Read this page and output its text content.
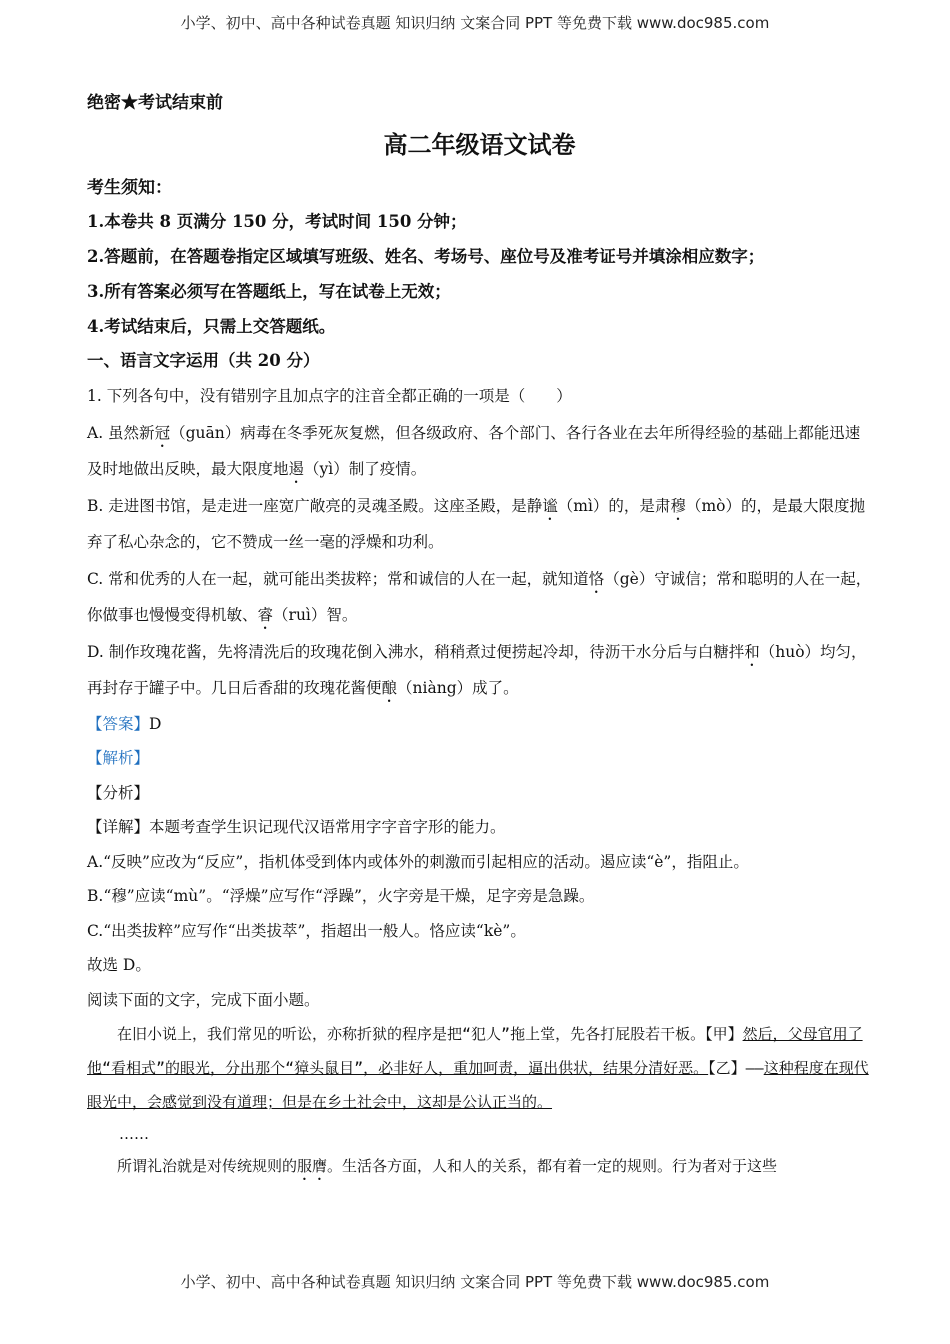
小学、初中、高中各种试卷真题 知识归纳 文案合同 PPT 等免费下载 www.doc985.com
绝密★考试结束前
高二年级语文试卷
考生须知：
1.本卷共 8 页满分 150 分，考试时间 150 分钟；
2.答题前，在答题卷指定区域填写班级、姓名、考场号、座位号及准考证号并填涂相应数字；
3.所有答案必须写在答题纸上，写在试卷上无效；
4.考试结束后，只需上交答题纸。
一、语言文字运用（共 20 分）
1. 下列各句中，没有错别字且加点字的注音全都正确的一项是（　　）
A. 虽然新冠（guān）病毒在冬季死灰复燃，但各级政府、各个部门、各行各业在去年所得经验的基础上都能迅速及时地做出反映，最大限度地遏（yì）制了疫情。
B. 走进图书馆，是走进一座宽广敞亮的灵魂圣殿。这座圣殿，是静谧（mì）的，是肃穆（mò）的，是最大限度抛弃了私心杂念的，它不赞成一丝一毫的浮燥和功利。
C. 常和优秀的人在一起，就可能出类拔粹；常和诚信的人在一起，就知道恪（gè）守诚信；常和聪明的人在一起，你做事也慢慢变得机敏、睿（ruì）智。
D. 制作玫瑰花酱，先将清洗后的玫瑰花倒入沸水，稍稍煮过便捞起冷却，待沥干水分后与白糖拌和（huò）均匀，再封存于罐子中。几日后香甜的玫瑰花酱便酿（niàng）成了。
【答案】D
【解析】
【分析】
【详解】本题考查学生识记现代汉语常用字字音字形的能力。
A.“反映”应改为“反应”，指机体受到体内或体外的刺激而引起相应的活动。遏应读“è”，指阻止。
B.“穆”应读“mù”。“浮燥”应写作“浮躁”，火字旁是干燥，足字旁是急躁。
C.“出类拔粹”应写作“出类拔萃”，指超出一般人。恪应读“kè”。
故选 D。
阅读下面的文字，完成下面小题。
在旧小说上，我们常见的听讼，亦称折狱的程序是把“犯人”拖上堂，先各打屁股若干板。【甲】然后，父母官用了他“看相式”的眼光，分出那个“獐头鼠目”，必非好人，重加呵责，逼出供状，结果分清好恶。【乙】——这种程度在现代眼光中，会感觉到没有道理；但是在乡土社会中，这却是公认正当的。
……
所谓礼治就是对传统规则的服膺。生活各方面，人和人的关系，都有着一定的规则。行为者对于这些
小学、初中、高中各种试卷真题 知识归纳 文案合同 PPT 等免费下载 www.doc985.com
